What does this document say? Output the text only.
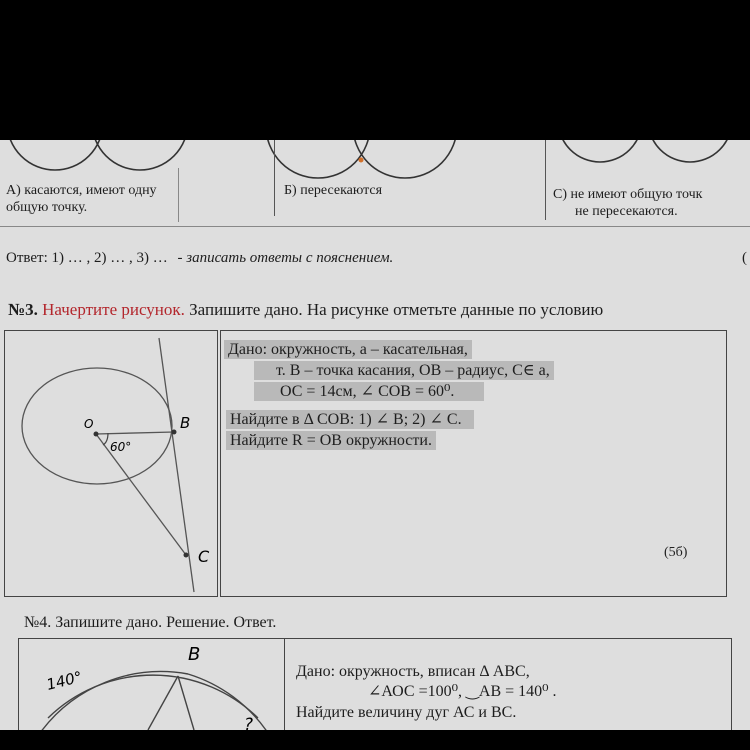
А) касаются, имеют одну
общую точку.
Б) пересекаются	С) не имеют общую точк
не пересекаются.
Ответ: 1) … , 2) … , 3) … - записать ответы с пояснением.	(
№3. Начертите рисунок. Запишите дано. На рисунке отметьте данные по условию
O	B
C
60°
Дано: окружность, a – касательная,
т. В – точка касания, ОВ – радиус, С∈ a,
ОС = 14см, ∠ СОВ = 60⁰.
Найдите в Δ СОВ: 1) ∠ В; 2) ∠ С.
Найдите R = ОВ окружности.
(5б)
№4. Запишите дано. Решение. Ответ.
140°
B
?
Дано: окружность, вписан Δ АВС,
∠АОС =100⁰, ‿АВ = 140⁰ .
Найдите величину дуг АС и ВС.
